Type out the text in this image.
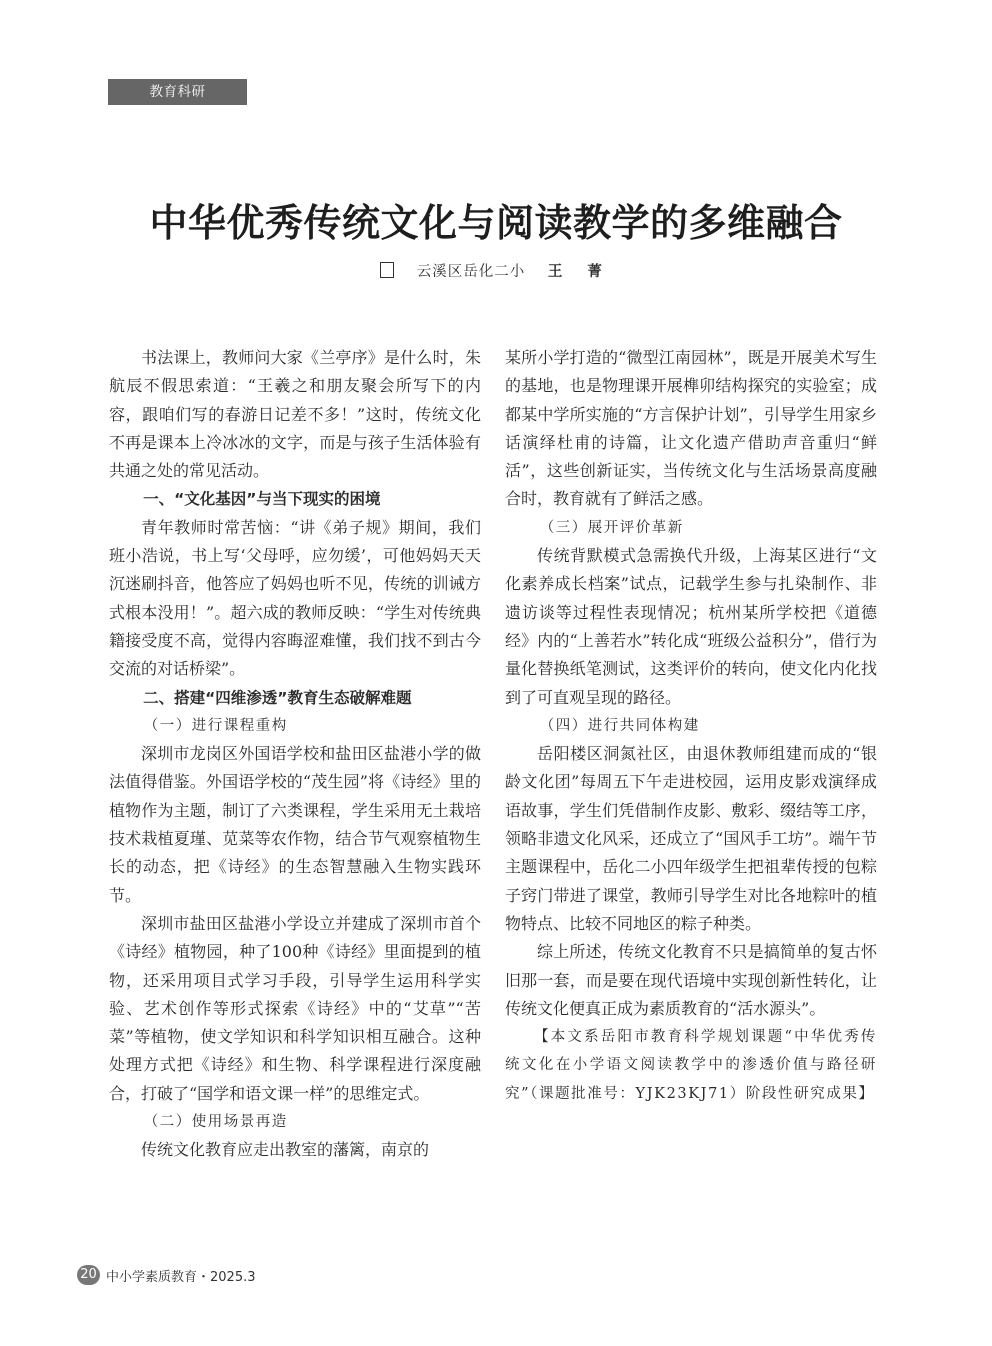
教育科研
中华优秀传统文化与阅读教学的多维融合
云溪区岳化二小 王 菁

书法课上，教师问大家《兰亭序》是什么时，朱航辰不假思索道：“王羲之和朋友聚会所写下的内容，跟咱们写的春游日记差不多！”这时，传统文化不再是课本上冷冰冰的文字，而是与孩子生活体验有共通之处的常见活动。

一、“文化基因”与当下现实的困境

青年教师时常苦恼：“讲《弟子规》期间，我们班小浩说，书上写‘父母呼，应勿缓’，可他妈妈天天沉迷刷抖音，他答应了妈妈也听不见，传统的训诫方式根本没用！”。超六成的教师反映：“学生对传统典籍接受度不高，觉得内容晦涩难懂，我们找不到古今交流的对话桥梁”。

二、搭建“四维渗透”教育生态破解难题
（一）进行课程重构

深圳市龙岗区外国语学校和盐田区盐港小学的做法值得借鉴。外国语学校的“茂生园”将《诗经》里的植物作为主题，制订了六类课程，学生采用无土栽培技术栽植夏瑾、苋菜等农作物，结合节气观察植物生长的动态，把《诗经》的生态智慧融入生物实践环节。

深圳市盐田区盐港小学设立并建成了深圳市首个《诗经》植物园，种了100种《诗经》里面提到的植物，还采用项目式学习手段，引导学生运用科学实验、艺术创作等形式探索《诗经》中的“艾草”“苦菜”等植物，使文学知识和科学知识相互融合。这种处理方式把《诗经》和生物、科学课程进行深度融合，打破了“国学和语文课一样”的思维定式。

（二）使用场景再造

传统文化教育应走出教室的藩篱，南京的

某所小学打造的“微型江南园林”，既是开展美术写生的基地，也是物理课开展榫卯结构探究的实验室；成都某中学所实施的“方言保护计划”，引导学生用家乡话演绎杜甫的诗篇，让文化遗产借助声音重归“鲜活”，这些创新证实，当传统文化与生活场景高度融合时，教育就有了鲜活之感。

（三）展开评价革新

传统背默模式急需换代升级，上海某区进行“文化素养成长档案”试点，记载学生参与扎染制作、非遗访谈等过程性表现情况；杭州某所学校把《道德经》内的“上善若水”转化成“班级公益积分”，借行为量化替换纸笔测试，这类评价的转向，使文化内化找到了可直观呈现的路径。

（四）进行共同体构建

岳阳楼区洞氮社区，由退休教师组建而成的“银龄文化团”每周五下午走进校园，运用皮影戏演绎成语故事，学生们凭借制作皮影、敷彩、缀结等工序，领略非遗文化风采，还成立了“国风手工坊”。端午节主题课程中，岳化二小四年级学生把祖辈传授的包粽子窍门带进了课堂，教师引导学生对比各地粽叶的植物特点、比较不同地区的粽子种类。

综上所述，传统文化教育不只是搞简单的复古怀旧那一套，而是要在现代语境中实现创新性转化，让传统文化便真正成为素质教育的“活水源头”。

【本文系岳阳市教育科学规划课题“中华优秀传统文化在小学语文阅读教学中的渗透价值与路径研究”（课题批准号：YJK23KJ71）阶段性研究成果】

20 中小学素质教育・2025.3
